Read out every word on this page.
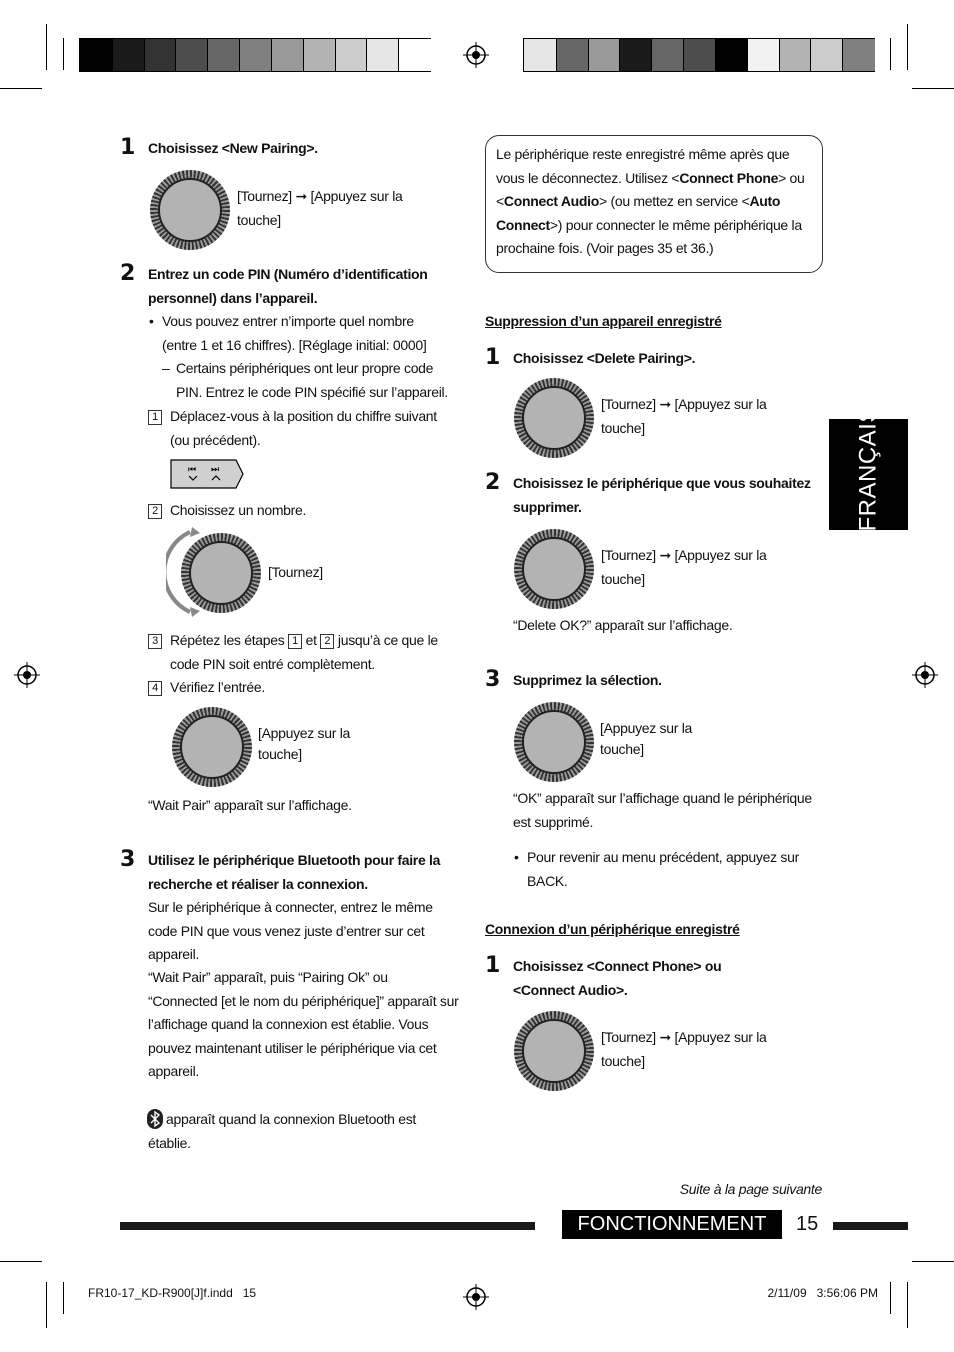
FRANÇAIS
1 Choisissez <New Pairing>.
[Tournez] ➞ [Appuyez sur la touche]
2 Entrez un code PIN (Numéro d’identification personnel) dans l’appareil.
• Vous pouvez entrer n’importe quel nombre (entre 1 et 16 chiffres). [Réglage initial: 0000]
– Certains périphériques ont leur propre code PIN. Entrez le code PIN spécifié sur l’appareil.
1 Déplacez-vous à la position du chiffre suivant (ou précédent).
⏮ ⏭
2 Choisissez un nombre.
[Tournez]
3 Répétez les étapes 1 et 2 jusqu’à ce que le code PIN soit entré complètement.
4 Vérifiez l’entrée.
[Appuyez sur la touche]
“Wait Pair” apparaît sur l’affichage.
3 Utilisez le périphérique Bluetooth pour faire la recherche et réaliser la connexion.
Sur le périphérique à connecter, entrez le même code PIN que vous venez juste d’entrer sur cet appareil.
“Wait Pair” apparaît, puis “Pairing Ok” ou “Connected [et le nom du périphérique]” apparaît sur l’affichage quand la connexion est établie. Vous pouvez maintenant utiliser le périphérique via cet appareil.
apparaît quand la connexion Bluetooth est établie.
Le périphérique reste enregistré même après que vous le déconnectez. Utilisez <Connect Phone> ou <Connect Audio> (ou mettez en service <Auto Connect>) pour connecter le même périphérique la prochaine fois. (Voir pages 35 et 36.)
Suppression d’un appareil enregistré
1 Choisissez <Delete Pairing>.
[Tournez] ➞ [Appuyez sur la touche]
2 Choisissez le périphérique que vous souhaitez supprimer.
[Tournez] ➞ [Appuyez sur la touche]
“Delete OK?” apparaît sur l’affichage.
3 Supprimez la sélection.
[Appuyez sur la touche]
“OK” apparaît sur l’affichage quand le périphérique est supprimé.
• Pour revenir au menu précédent, appuyez sur BACK.
Connexion d’un périphérique enregistré
1 Choisissez <Connect Phone> ou <Connect Audio>.
[Tournez] ➞ [Appuyez sur la touche]
Suite à la page suivante
FONCTIONNEMENT	15
FR10-17_KD-R900[J]f.indd   15	2/11/09   3:56:06 PM
